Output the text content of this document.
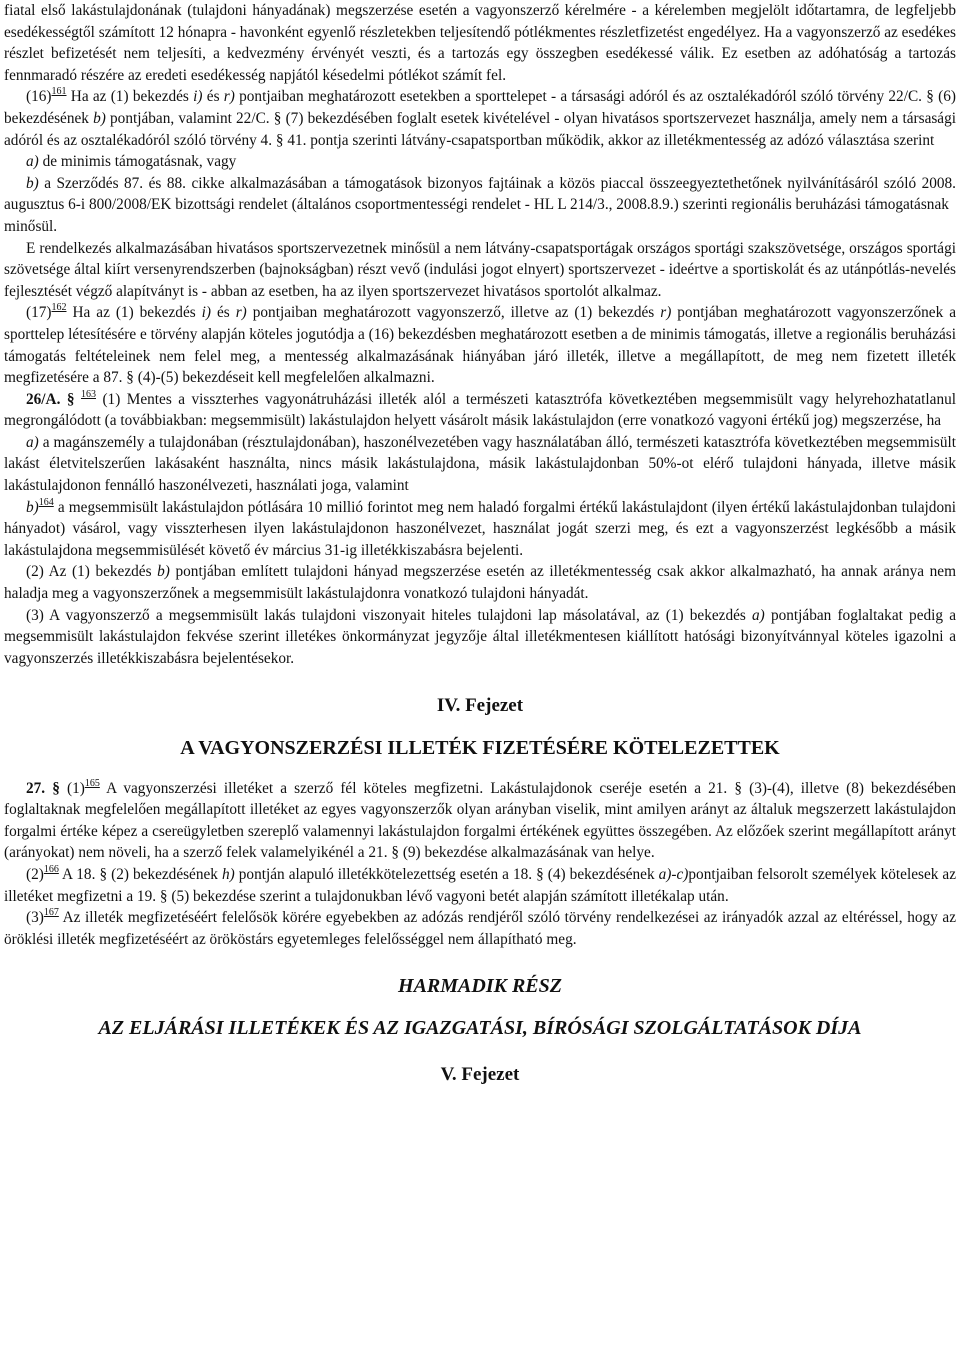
fiatal első lakástulajdonának (tulajdoni hányadának) megszerzése esetén a vagyonszerző kérelmére - a kérelemben megjelölt időtartamra, de legfeljebb esedékességtől számított 12 hónapra - havonként egyenlő részletekben teljesítendő pótlékmentes részletfizetést engedélyez. Ha a vagyonszerző az esedékes részlet befizetését nem teljesíti, a kedvezmény érvényét veszti, és a tartozás egy összegben esedékessé válik. Ez esetben az adóhatóság a tartozás fennmaradó részére az eredeti esedékesség napjától késedelmi pótlékot számít fel.

(16)$^{161}$ Ha az (1) bekezdés i) és r) pontjaiban meghatározott esetekben a sporttelepet - a társasági adóról és az osztalékadóról szóló törvény 22/C. § (6) bekezdésének b) pontjában, valamint 22/C. § (7) bekezdésében foglalt esetek kivételével - olyan hivatásos sportszervezet használja, amely nem a társasági adóról és az osztalékadóról szóló törvény 4. § 41. pontja szerinti látvány-csapatsportban működik, akkor az illetékmentesség az adózó választása szerint

a) de minimis támogatásnak, vagy

b) a Szerződés 87. és 88. cikke alkalmazásában a támogatások bizonyos fajtáinak a közös piaccal összeegyeztethetőnek nyilvánításáról szóló 2008. augusztus 6-i 800/2008/EK bizottsági rendelet (általános csoportmentességi rendelet - HL L 214/3., 2008.8.9.) szerinti regionális beruházási támogatásnak

minősül.

E rendelkezés alkalmazásában hivatásos sportszervezetnek minősül a nem látvány-csapatsportágak országos sportági szakszövetsége, országos sportági szövetsége által kiírt versenyrendszerben (bajnokságban) részt vevő (indulási jogot elnyert) sportszervezet - ideértve a sportiskolát és az utánpótlás-nevelés fejlesztését végző alapítványt is - abban az esetben, ha az ilyen sportszervezet hivatásos sportolót alkalmaz.

(17)$^{162}$ Ha az (1) bekezdés i) és r) pontjaiban meghatározott vagyonszerző, illetve az (1) bekezdés r) pontjában meghatározott vagyonszerzőnek a sporttelep létesítésére e törvény alapján köteles jogutódja a (16) bekezdésben meghatározott esetben a de minimis támogatás, illetve a regionális beruházási támogatás feltételeinek nem felel meg, a mentesség alkalmazásának hiányában járó illeték, illetve a megállapított, de meg nem fizetett illeték megfizetésére a 87. § (4)-(5) bekezdéseit kell megfelelően alkalmazni.

26/A. § $^{163}$ (1) Mentes a visszterhes vagyonátruházási illeték alól a természeti katasztrófa következtében megsemmisült vagy helyrehozhatatlanul megrongálódott (a továbbiakban: megsemmisült) lakástulajdon helyett vásárolt másik lakástulajdon (erre vonatkozó vagyoni értékű jog) megszerzése, ha

a) a magánszemély a tulajdonában (résztulajdonában), haszonélvezetében vagy használatában álló, természeti katasztrófa következtében megsemmisült lakást életvitelszerűen lakásaként használta, nincs másik lakástulajdona, másik lakástulajdonban 50%-ot elérő tulajdoni hányada, illetve másik lakástulajdonon fennálló haszonélvezeti, használati joga, valamint

b)$^{164}$ a megsemmisült lakástulajdon pótlására 10 millió forintot meg nem haladó forgalmi értékű lakástulajdont (ilyen értékű lakástulajdonban tulajdoni hányadot) vásárol, vagy visszterhesen ilyen lakástulajdonon haszonélvezet, használat jogát szerzi meg, és ezt a vagyonszerzést legkésőbb a másik lakástulajdona megsemmisülését követő év március 31-ig illetékkiszabásra bejelenti.

(2) Az (1) bekezdés b) pontjában említett tulajdoni hányad megszerzése esetén az illetékmentesség csak akkor alkalmazható, ha annak aránya nem haladja meg a vagyonszerzőnek a megsemmisült lakástulajdonra vonatkozó tulajdoni hányadát.

(3) A vagyonszerző a megsemmisült lakás tulajdoni viszonyait hiteles tulajdoni lap másolatával, az (1) bekezdés a) pontjában foglaltakat pedig a megsemmisült lakástulajdon fekvése szerint illetékes önkormányzat jegyzője által illetékmentesen kiállított hatósági bizonyítvánnyal köteles igazolni a vagyonszerzés illetékkiszabásra bejelentésekor.

IV. Fejezet

A VAGYONSZERZÉSI ILLETÉK FIZETÉSÉRE KÖTELEZETTEK

27. § (1)$^{165}$ A vagyonszerzési illetéket a szerző fél köteles megfizetni. Lakástulajdonok cseréje esetén a 21. § (3)-(4), illetve (8) bekezdésében foglaltaknak megfelelően megállapított illetéket az egyes vagyonszerzők olyan arányban viselik, mint amilyen arányt az általuk megszerzett lakástulajdon forgalmi értéke képez a csereügyletben szereplő valamennyi lakástulajdon forgalmi értékének együttes összegében. Az előzőek szerint megállapított arányt (arányokat) nem növeli, ha a szerző felek valamelyikénél a 21. § (9) bekezdése alkalmazásának van helye.

(2)$^{166}$ A 18. § (2) bekezdésének h) pontján alapuló illetékkötelezettség esetén a 18. § (4) bekezdésének a)-c)pontjaiban felsorolt személyek kötelesek az illetéket megfizetni a 19. § (5) bekezdése szerint a tulajdonukban lévő vagyoni betét alapján számított illetékalap után.

(3)$^{167}$ Az illeték megfizetéséért felelősök körére egyebekben az adózás rendjéről szóló törvény rendelkezései az irányadók azzal az eltéréssel, hogy az öröklési illeték megfizetéséért az örököstárs egyetemleges felelősséggel nem állapítható meg.

HARMADIK RÉSZ

AZ ELJÁRÁSI ILLETÉKEK ÉS AZ IGAZGATÁSI, BÍRÓSÁGI SZOLGÁLTATÁSOK DÍJA

V. Fejezet
